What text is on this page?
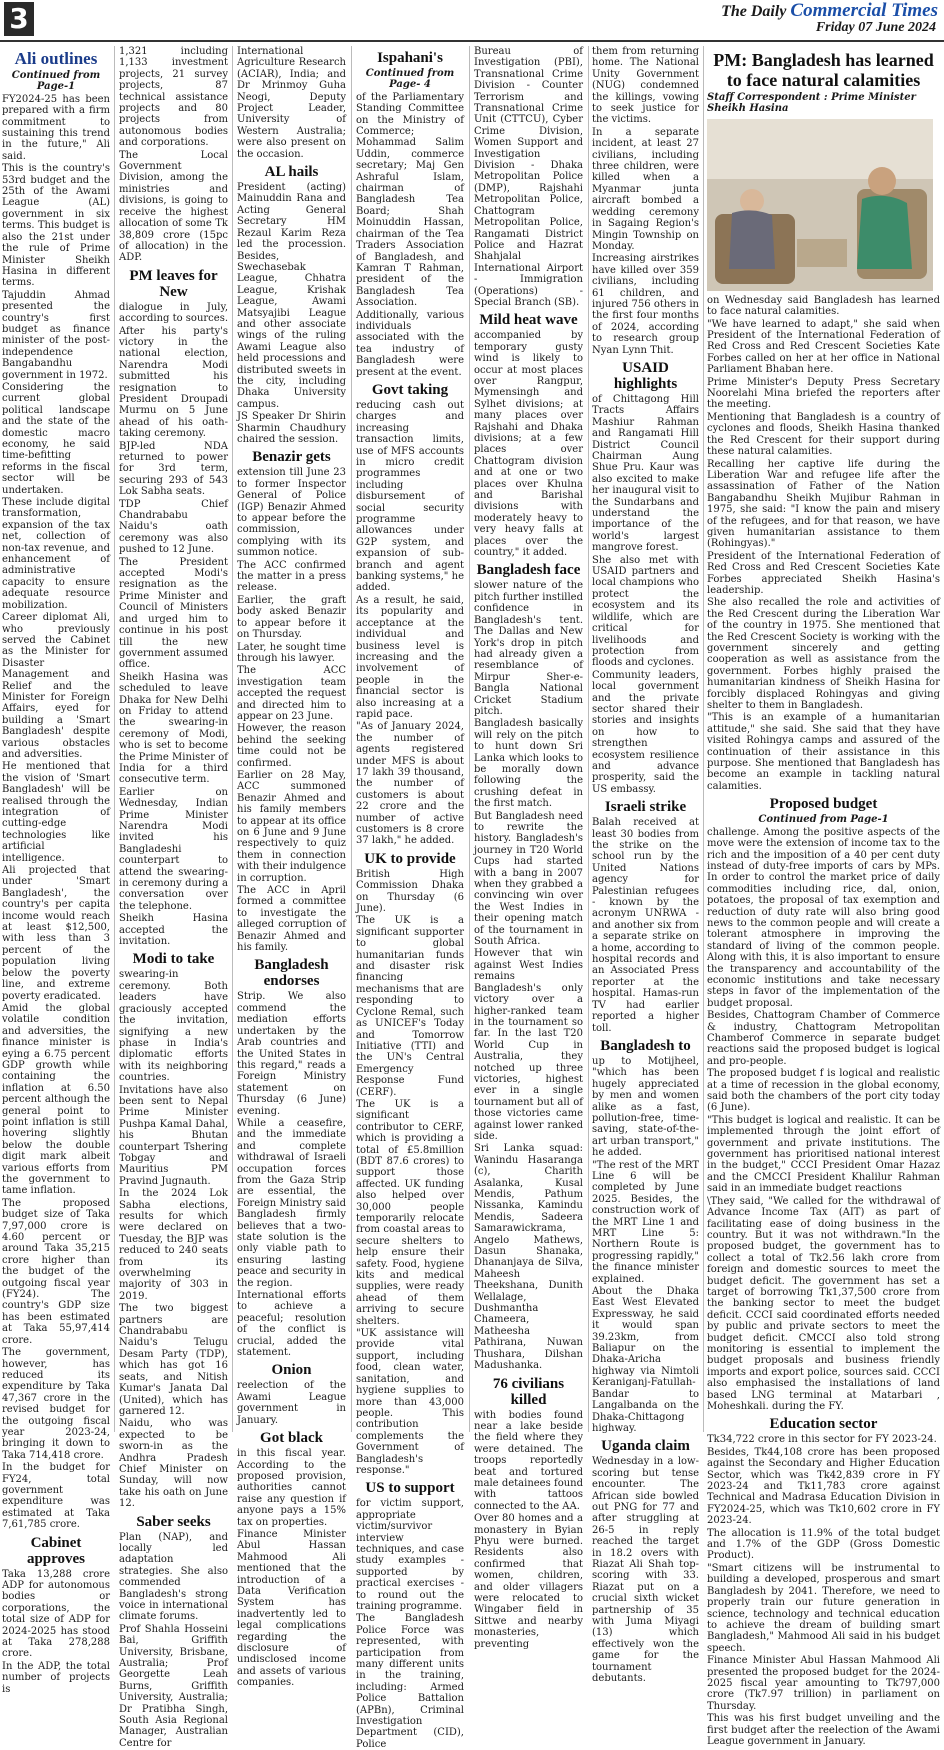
3	The Daily Commercial Times
Friday 07 June 2024
Ali outlines

Continued from Page-1

FY2024-25 has been prepared with a firm commitment to sustaining this trend in the future," Ali said.

This is the country's 53rd budget and the 25th of the Awami League (AL) government in six terms. This budget is also the 21st under the rule of Prime Minister Sheikh Hasina in different terms.

Tajuddin Ahmad presented the country's first budget as finance minister of the post-independence Bangabandhu government in 1972.

Considering the current global political landscape and the state of the domestic macro economy, he said time-befitting reforms in the fiscal sector will be undertaken.

These include digital transformation, expansion of the tax net, collection of non-tax revenue, and enhancement of administrative capacity to ensure adequate resource mobilization.

Career diplomat Ali, who previously served the Cabinet as the Minister for Disaster Management and Relief and the Minister for Foreign Affairs, eyed for building a 'Smart Bangladesh' despite various obstacles and adversities.

He mentioned that the vision of 'Smart Bangladesh' will be realised through the integration of cutting-edge technologies like artificial intelligence.

Ali projected that under 'Smart Bangladesh', the country's per capita income would reach at least $12,500, with less than 3 percent of the population living below the poverty line, and extreme poverty eradicated.

Amid the global volatile condition and adversities, the finance minister is eying a 6.75 percent GDP growth while containing the inflation at 6.50 percent although the general point to point inflation is still hovering slightly below the double digit mark albeit various efforts from the government to tame inflation.

The proposed budget size of Taka 7,97,000 crore is 4.60 percent or around Taka 35,215 crore higher than the budget of the outgoing fiscal year (FY24). The country's GDP size has been estimated at Taka 55,97,414 crore.

The government, however, has reduced its expenditure by Taka 47,367 crore in the revised budget for the outgoing fiscal year 2023-24, bringing it down to Taka 714,418 crore.

In the budget for FY24, total government expenditure was estimated at Taka 7,61,785 crore.

Cabinet approves

Taka 13,288 crore ADP for autonomous bodies or corporations, the total size of ADP for 2024-2025 has stood at Taka 278,288 crore.

In the ADP, the total number of projects is

1,321 including 1,133 investment projects, 21 survey projects, 87 technical assistance projects and 80 projects from autonomous bodies and corporations.

The Local Government Division, among the ministries and divisions, is going to receive the highest allocation of some Tk 38,809 crore (15pc of allocation) in the ADP.

PM leaves for New

dialogue in July, according to sources.

After his party's victory in the national election, Narendra Modi submitted his resignation to President Droupadi Murmu on 5 June ahead of his oath-taking ceremony.

BJP-led NDA returned to power for 3rd term, securing 293 of 543 Lok Sabha seats.

TDP Chief Chandrababu Naidu's oath ceremony was also pushed to 12 June.

The President accepted Modi's resignation as the Prime Minister and Council of Ministers and urged him to continue in his post till the new government assumed office.

Sheikh Hasina was scheduled to leave Dhaka for New Delhi on Friday to attend the swearing-in ceremony of Modi, who is set to become the Prime Minister of India for a third consecutive term.

Earlier on Wednesday, Indian Prime Minister Narendra Modi invited his Bangladeshi counterpart to attend the swearing-in ceremony during a conversation over the telephone.

Sheikh Hasina accepted the invitation.

Modi to take

swearing-in ceremony. Both leaders have graciously accepted the invitation, signifying a new phase in India's diplomatic efforts with its neighboring countries.

Invitations have also been sent to Nepal Prime Minister Pushpa Kamal Dahal, his Bhutan counterpart Tshering Tobgay and Mauritius PM Pravind Jugnauth.

In the 2024 Lok Sabha elections, results for which were declared on Tuesday, the BJP was reduced to 240 seats from its overwhelming majority of 303 in 2019.

The two biggest partners are Chandrababu Naidu's Telugu Desam Party (TDP), which has got 16 seats, and Nitish Kumar's Janata Dal (United), which has garnered 12.

Naidu, who was expected to be sworn-in as the Andhra Pradesh Chief Minister on Sunday, will now take his oath on June 12.

Saber seeks

Plan (NAP), and locally led adaptation strategies. She also commended Bangladesh's strong voice in international climate forums.

Prof Shahla Hosseini Bai, Griffith University, Brisbane, Australia; Prof Georgette Leah Burns, Griffith University, Australia; Dr Pratibha Singh, South Asia Regional Manager, Australian Centre for

International Agriculture Research (ACIAR), India; and Dr Mrinmoy Guha Neogi, Deputy Project Leader, University of Western Australia; were also present on the occasion.

AL hails

President (acting) Mainuddin Rana and Acting General Secretary HM Rezaul Karim Reza led the procession. Besides, Swechasebak League, Chhatra League, Krishak League, Awami Matsyajibi League and other associate wings of the ruling Awami League also held processions and distributed sweets in the city, including Dhaka University campus.

JS Speaker Dr Shirin Sharmin Chaudhury chaired the session.

Benazir gets

extension till June 23 to former Inspector General of Police (IGP) Benazir Ahmed to appear before the commission, complying with its summon notice.

The ACC confirmed the matter in a press release.

Earlier, the graft body asked Benazir to appear before it on Thursday.

Later, he sought time through his lawyer.

The ACC investigation team accepted the request and directed him to appear on 23 June.

However, the reason behind the seeking time could not be confirmed.

Earlier on 28 May, ACC summoned Benazir Ahmed and his family members to appear at its office on 6 June and 9 June respectively to quiz them in connection with their indulgence in corruption.

The ACC in April formed a committee to investigate the alleged corruption of Benazir Ahmed and his family.

Bangladesh endorses

Strip. We also commend the mediation efforts undertaken by the Arab countries and the United States in this regard," reads a Foreign Ministry statement on Thursday (6 June) evening.

While a ceasefire, and the immediate and complete withdrawal of Israeli occupation forces from the Gaza Strip are essential, the Foreign Ministry said Bangladesh firmly believes that a two-state solution is the only viable path to ensuring lasting peace and security in the region.

International efforts to achieve a peaceful; resolution of the conflict is crucial, added the statement.

Onion

reelection of the Awami League government in January.

Got black

in this fiscal year. According to the proposed provision, authorities cannot raise any question if anyone pays a 15% tax on properties.

Finance Minister Abul Hassan Mahmood Ali mentioned that the introduction of a Data Verification System has inadvertently led to legal complications regarding the disclosure of undisclosed income and assets of various companies.

Ispahani's

Continued from Page- 4

of the Parliamentary Standing Committee on the Ministry of Commerce; Mohammad Salim Uddin, commerce secretary; Maj Gen Ashraful Islam, chairman of Bangladesh Tea Board; Shah Moinuddin Hassan, chairman of the Tea Traders Association of Bangladesh, and Kamran T Rahman, president of the Bangladesh Tea Association.

Additionally, various individuals associated with the tea industry of Bangladesh were present at the event.

Govt taking

reducing cash out charges and increasing transaction limits, use of MFS accounts in micro credit programmes including disbursement of social security programme allowances under G2P system, and expansion of sub-branch and agent banking systems," he added.

As a result, he said, its popularity and acceptance at the individual and business level is increasing and the involvement of people in the financial sector is also increasing at a rapid pace.

"As of January 2024, the number of agents registered under MFS is about 17 lakh 39 thousand, the number of customers is about 22 crore and the number of active customers is 8 crore 37 lakh," he added.

UK to provide

British High Commission Dhaka on Thursday (6 June).

The UK is a significant supporter to global humanitarian funds and disaster risk financing mechanisms that are responding to Cyclone Remal, such as UNICEF's Today and Tomorrow Initiative (TTI) and the UN's Central Emergency Response Fund (CERF).

The UK is a significant contributor to CERF, which is providing a total of £5.8million (BDT 87.6 crores) to support those affected. UK funding also helped over 30,000 people temporarily relocate from coastal areas to secure shelters to help ensure their safety. Food, hygiene kits and medical supplies, were ready ahead of them arriving to secure shelters.

"UK assistance will provide vital support, including food, clean water, sanitation, and hygiene supplies to more than 43,000 people. This contribution complements the Government of Bangladesh's response."

US to support

for victim support, appropriate victim/survivor interview techniques, and case study examples - supported by practical exercises - to round out the training programme.

The Bangladesh Police Force was represented, with participation from many different units in the training, including: Armed Police Battalion (APBn), Criminal Investigation Department (CID), Police

Bureau of Investigation (PBI), Transnational Crime Division - Counter Terrorism and Transnational Crime Unit (CTTCU), Cyber Crime Division, Women Support and Investigation Division - Dhaka Metropolitan Police (DMP), Rajshahi Metropolitan Police, Chattogram Metropolitan Police, Rangamati District Police and Hazrat Shahjalal International Airport - Immigration (Operations) - Special Branch (SB).

Mild heat wave

accompanied by temporary gusty wind is likely to occur at most places over Rangpur, Mymensingh and Sylhet divisions; at many places over Rajshahi and Dhaka divisions; at a few places over Chattogram division and at one or two places over Khulna and Barishal divisions with moderately heavy to very heavy falls at places over the country," it added.

Bangladesh face

slower nature of the pitch further instilled confidence in Bangladesh's tent. The Dallas and New York's drop in pitch had already given a resemblance of Mirpur Sher-e-Bangla National Cricket Stadium pitch.

Bangladesh basically will rely on the pitch to hunt down Sri Lanka which looks to be morally down following the crushing defeat in the first match.

But Bangladesh need to rewrite the history. Bangladesh's journey in T20 World Cups had started with a bang in 2007 when they grabbed a convincing win over the West Indies in their opening match of the tournament in South Africa.

However that win against West Indies remains Bangladesh's only victory over a higher-ranked team in the tournament so far. In the last T20 World Cup in Australia, they notched up three victories, highest ever in a single tournament but all of those victories came against lower ranked side.

Sri Lanka squad: Wanindu Hasaranga (c), Charith Asalanka, Kusal Mendis, Pathum Nissanka, Kamindu Mendis, Sadeera Samarawickrama, Angelo Mathews, Dasun Shanaka, Dhananjaya de Silva, Maheesh Theekshana, Dunith Wellalage, Dushmantha Chameera, Matheesha Pathirana, Nuwan Thushara, Dilshan Madushanka.

76 civilians killed

with bodies found near a lake beside the field where they were detained. The troops reportedly beat and tortured male detainees found with tattoos connected to the AA.

Over 80 homes and a monastery in Byian Phyu were burned. Residents also confirmed that women, children, and older villagers were relocated to Wingaber field in Sittwe and nearby monasteries, preventing

them from returning home. The National Unity Government (NUG) condemned the killings, vowing to seek justice for the victims.

In a separate incident, at least 27 civilians, including three children, were killed when a Myanmar junta aircraft bombed a wedding ceremony in Sagaing Region's Mingin Township on Monday.

Increasing airstrikes have killed over 359 civilians, including 61 children, and injured 756 others in the first four months of 2024, according to research group Nyan Lynn Thit.

USAID highlights

of Chittagong Hill Tracts Affairs Mashiur Rahman and Rangamati Hill District Council Chairman Aung Shue Pru. Kaur was also excited to make her inaugural visit to the Sundarbans and understand the importance of the world's largest mangrove forest.

She also met with USAID partners and local champions who protect the ecosystem and its wildlife, which are critical for livelihoods and protection from floods and cyclones.

Community leaders, local government and the private sector shared their stories and insights on how to strengthen ecosystem resilience and advance prosperity, said the US embassy.

Israeli strike

Balah received at least 30 bodies from the strike on the school run by the United Nations agency for Palestinian refugees - known by the acronym UNRWA - and another six from a separate strike on a home, according to hospital records and an Associated Press reporter at the hospital. Hamas-run TV had earlier reported a higher toll.

Bangladesh to

up to Motijheel, "which has been hugely appreciated by men and women alike as a fast, pollution-free, time-saving, state-of-the-art urban transport," he added.

"The rest of the MRT Line 6 will be completed by June 2025. Besides, the construction work of the MRT Line 1 and MRT Line 5: Northern Route is progressing rapidly," the finance minister explained.

About the Dhaka East West Elevated Expressway, he said it would span 39.23km, from Baliapur on the Dhaka-Aricha highway via Nimtoli Keraniganj-Fatullah-Bandar to Langalbanda on the Dhaka-Chittagong highway.

Uganda claim

Wednesday in a low-scoring but tense encounter. The African side bowled out PNG for 77 and after struggling at 26-5 in reply reached the target in 18.2 overs with Riazat Ali Shah top-scoring with 33. Riazat put on a crucial sixth wicket partnership of 35 with Juma Miyagi (13) which effectively won the game for the tournament debutants.

PM: Bangladesh has learned to face natural calamities

Staff Correspondent : Prime Minister Sheikh Hasina

on Wednesday said Bangladesh has learned to face natural calamities.

"We have learned to adapt," she said when President of the International Federation of Red Cross and Red Crescent Societies Kate Forbes called on her at her office in National Parliament Bhaban here.

Prime Minister's Deputy Press Secretary Noorelahi Mina briefed the reporters after the meeting.

Mentioning that Bangladesh is a country of cyclones and floods, Sheikh Hasina thanked the Red Crescent for their support during these natural calamities.

Recalling her captive life during the Liberation War and refugee life after the assassination of Father of the Nation Bangabandhu Sheikh Mujibur Rahman in 1975, she said: "I know the pain and misery of the refugees, and for that reason, we have given humanitarian assistance to them (Rohingyas)."

President of the International Federation of Red Cross and Red Crescent Societies Kate Forbes appreciated Sheikh Hasina's leadership.

She also recalled the role and activities of the Red Crescent during the Liberation War of the country in 1975. She mentioned that the Red Crescent Society is working with the government sincerely and getting cooperation as well as assistance from the government. Forbes highly praised the humanitarian kindness of Sheikh Hasina for forcibly displaced Rohingyas and giving shelter to them in Bangladesh.

"This is an example of a humanitarian attitude," she said. She said that they have visited Rohingya camps and assured of the continuation of their assistance in this purpose. She mentioned that Bangladesh has become an example in tackling natural calamities.

Proposed budget

Continued from Page-1

challenge. Among the positive aspects of the move were the extension of income tax to the rich and the imposition of a 40 per cent duty instead of duty-free imports of cars by MPs. In order to control the market price of daily commodities including rice, dal, onion, potatoes, the proposal of tax exemption and reduction of duty rate will also bring good news to the common people and will create a tolerant atmosphere in improving the standard of living of the common people. Along with this, it is also important to ensure the transparency and accountability of the economic institutions and take necessary steps in favor of the implementation of the budget proposal.

Besides, Chattogram Chamber of Commerce & industry, Chattogram Metropolitan Chamberof Commerce in separate budget reactions said the proposed budget is logical and pro-people.

The proposed budget f is logical and realistic at a time of recession in the global economy, said both the chambers of the port city today (6 June).

"This budget is logical and realistic. It can be implemented through the joint effort of government and private institutions. The government has prioritised national interest in the budget," CCCI President Omar Hazaz and the CMCCI President Khalilur Rahman said in an immediate budget reactions

\They said, "We called for the withdrawal of Advance Income Tax (AIT) as part of facilitating ease of doing business in the country. But it was not withdrawn."In the proposed budget, the government has to collect a total of Tk2.56 lakh crore from foreign and domestic sources to meet the budget deficit. The government has set a target of borrowing Tk1,37,500 crore from the banking sector to meet the budget deficit. CCCI said coordinated efforts needed by public and private sectors to meet the budget deficit. CMCCI also told strong monitoring is essential to implement the budget proposals and business friendly imports and export police, sources said. CCCI also emphasised the installations of land based LNG terminal at Matarbari , Moheshkali. during the FY.

Education sector

Tk34,722 crore in this sector for FY 2023-24.

Besides, Tk44,108 crore has been proposed against the Secondary and Higher Education Sector, which was Tk42,839 crore in FY 2023-24 and Tk11,783 crore against Technical and Madrasa Education Division in FY2024-25, which was Tk10,602 crore in FY 2023-24.

The allocation is 11.9% of the total budget and 1.7% of the GDP (Gross Domestic Product).

"Smart citizens will be instrumental to building a developed, prosperous and smart Bangladesh by 2041. Therefore, we need to properly train our future generation in science, technology and technical education to achieve the dream of building smart Bangladesh," Mahmood Ali said in his budget speech.

Finance Minister Abul Hassan Mahmood Ali presented the proposed budget for the 2024-2025 fiscal year amounting to Tk797,000 crore (Tk7.97 trillion) in parliament on Thursday.

This was his first budget unveiling and the first budget after the reelection of the Awami League government in January.
